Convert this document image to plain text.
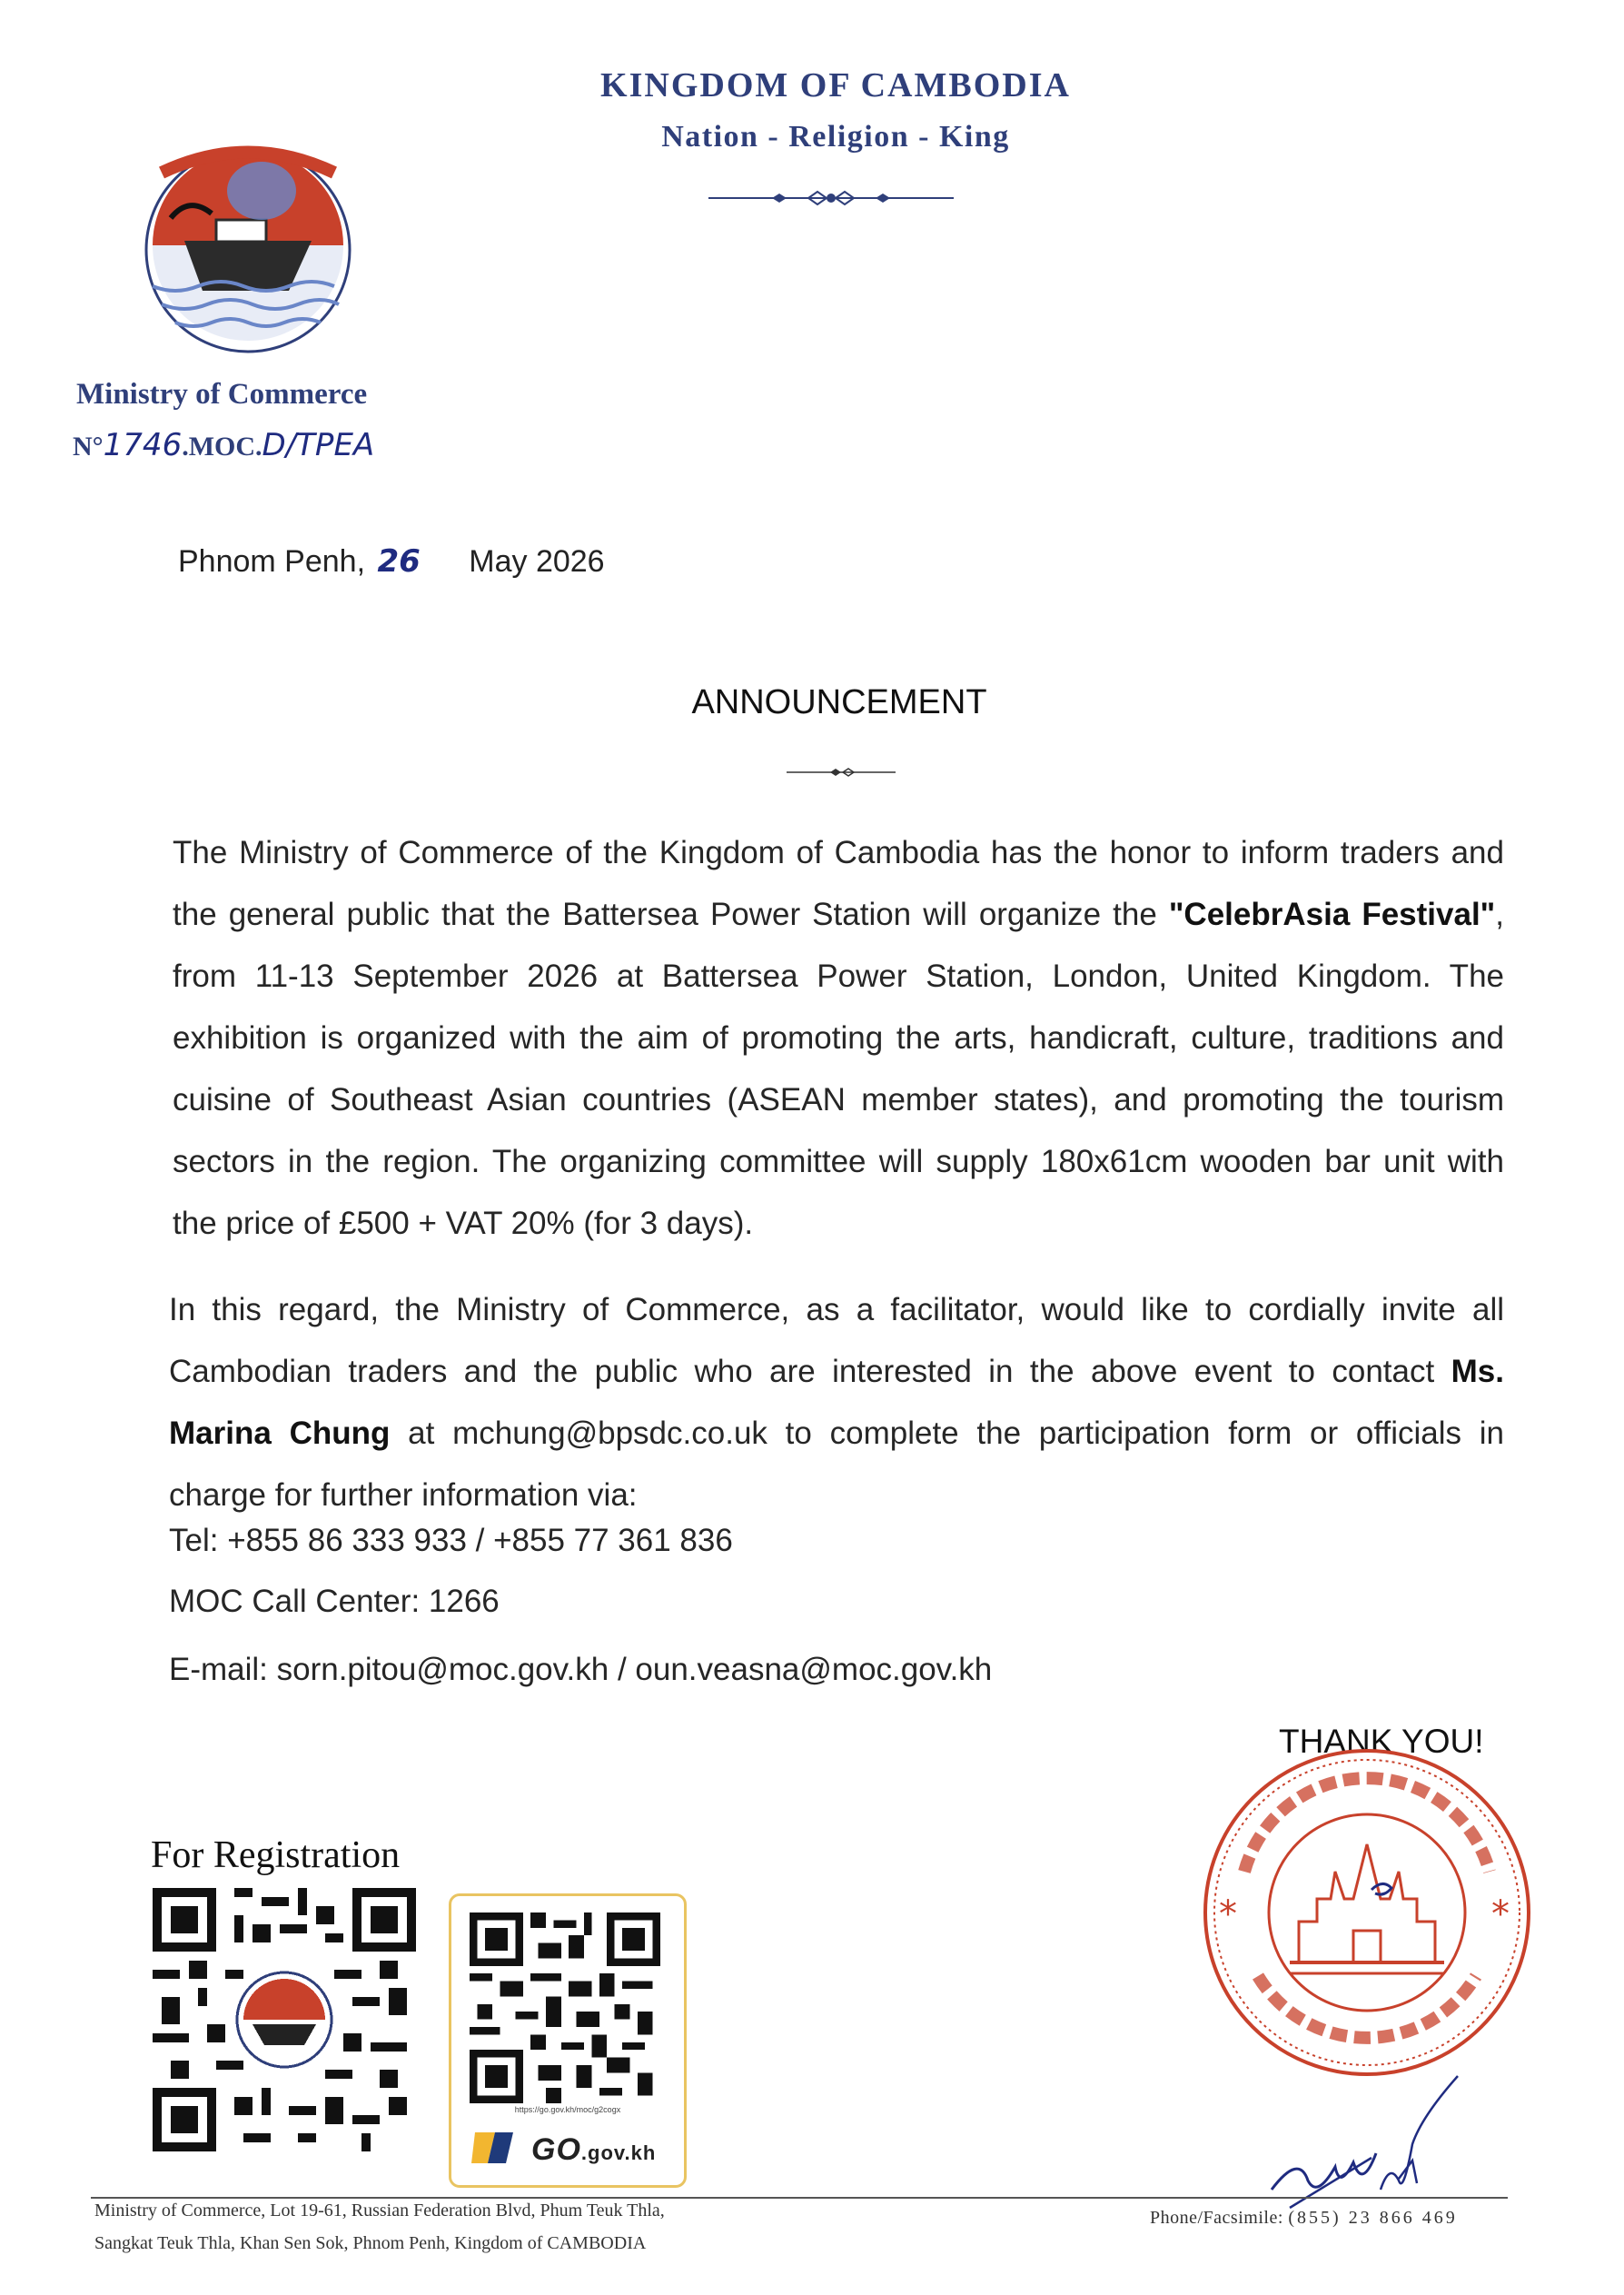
KINGDOM OF CAMBODIA
Nation - Religion - King
Ministry of Commerce
N°1746.MOC.D/TPEA
Phnom Penh, 26 May 2026
ANNOUNCEMENT
The Ministry of Commerce of the Kingdom of Cambodia has the honor to inform traders and the general public that the Battersea Power Station will organize the "CelebrAsia Festival", from 11-13 September 2026 at Battersea Power Station, London, United Kingdom. The exhibition is organized with the aim of promoting the arts, handicraft, culture, traditions and cuisine of Southeast Asian countries (ASEAN member states), and promoting the tourism sectors in the region. The organizing committee will supply 180x61cm wooden bar unit with the price of £500 + VAT 20% (for 3 days).
In this regard, the Ministry of Commerce, as a facilitator, would like to cordially invite all Cambodian traders and the public who are interested in the above event to contact Ms. Marina Chung at mchung@bpsdc.co.uk to complete the participation form or officials in charge for further information via:
Tel: +855 86 333 933 / +855 77 361 836
MOC Call Center: 1266
E-mail: sorn.pitou@moc.gov.kh / oun.veasna@moc.gov.kh
THANK YOU!
*	*
For Registration
https://go.gov.kh/moc/g2cogx
GO.gov.kh
Ministry of Commerce, Lot 19-61, Russian Federation Blvd, Phum Teuk Thla,
Sangkat Teuk Thla, Khan Sen Sok, Phnom Penh, Kingdom of CAMBODIA
Phone/Facsimile: (855) 23 866 469
